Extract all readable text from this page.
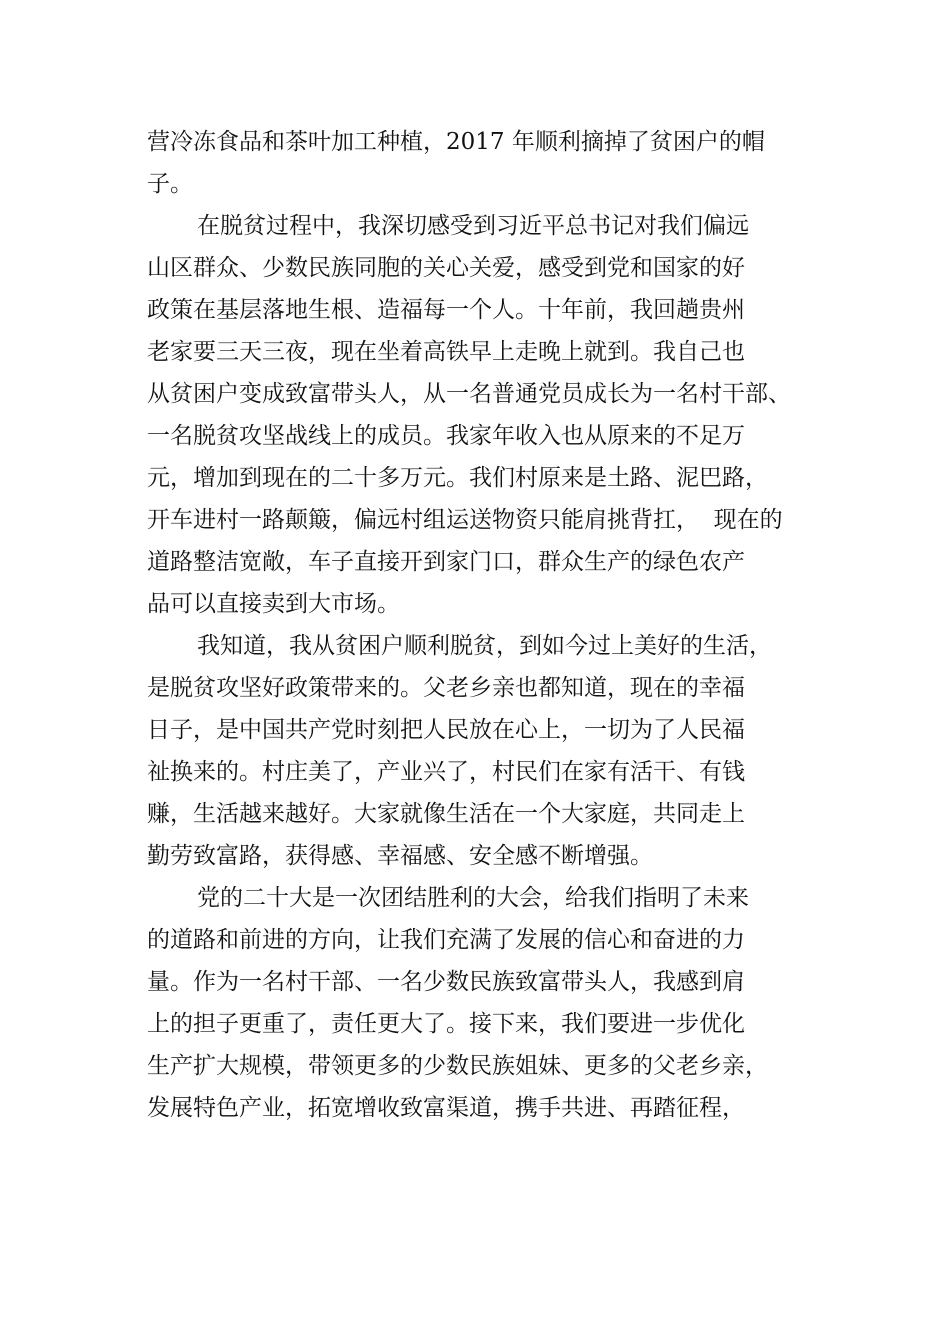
营冷冻食品和茶叶加工种植，2017 年顺利摘掉了贫困户的帽
子。
在脱贫过程中，我深切感受到习近平总书记对我们偏远
山区群众、少数民族同胞的关心关爱，感受到党和国家的好
政策在基层落地生根、造福每一个人。十年前，我回趟贵州
老家要三天三夜，现在坐着高铁早上走晚上就到。我自己也
从贫困户变成致富带头人，从一名普通党员成长为一名村干部、
一名脱贫攻坚战线上的成员。我家年收入也从原来的不足万
元，增加到现在的二十多万元。我们村原来是土路、泥巴路，
开车进村一路颠簸，偏远村组运送物资只能肩挑背扛，  现在的
道路整洁宽敞，车子直接开到家门口，群众生产的绿色农产
品可以直接卖到大市场。
我知道，我从贫困户顺利脱贫，到如今过上美好的生活，
是脱贫攻坚好政策带来的。父老乡亲也都知道，现在的幸福
日子，是中国共产党时刻把人民放在心上，一切为了人民福
祉换来的。村庄美了，产业兴了，村民们在家有活干、有钱
赚，生活越来越好。大家就像生活在一个大家庭，共同走上
勤劳致富路，获得感、幸福感、安全感不断增强。
党的二十大是一次团结胜利的大会，给我们指明了未来
的道路和前进的方向，让我们充满了发展的信心和奋进的力
量。作为一名村干部、一名少数民族致富带头人，我感到肩
上的担子更重了，责任更大了。接下来，我们要进一步优化
生产扩大规模，带领更多的少数民族姐妹、更多的父老乡亲，
发展特色产业，拓宽增收致富渠道，携手共进、再踏征程，
